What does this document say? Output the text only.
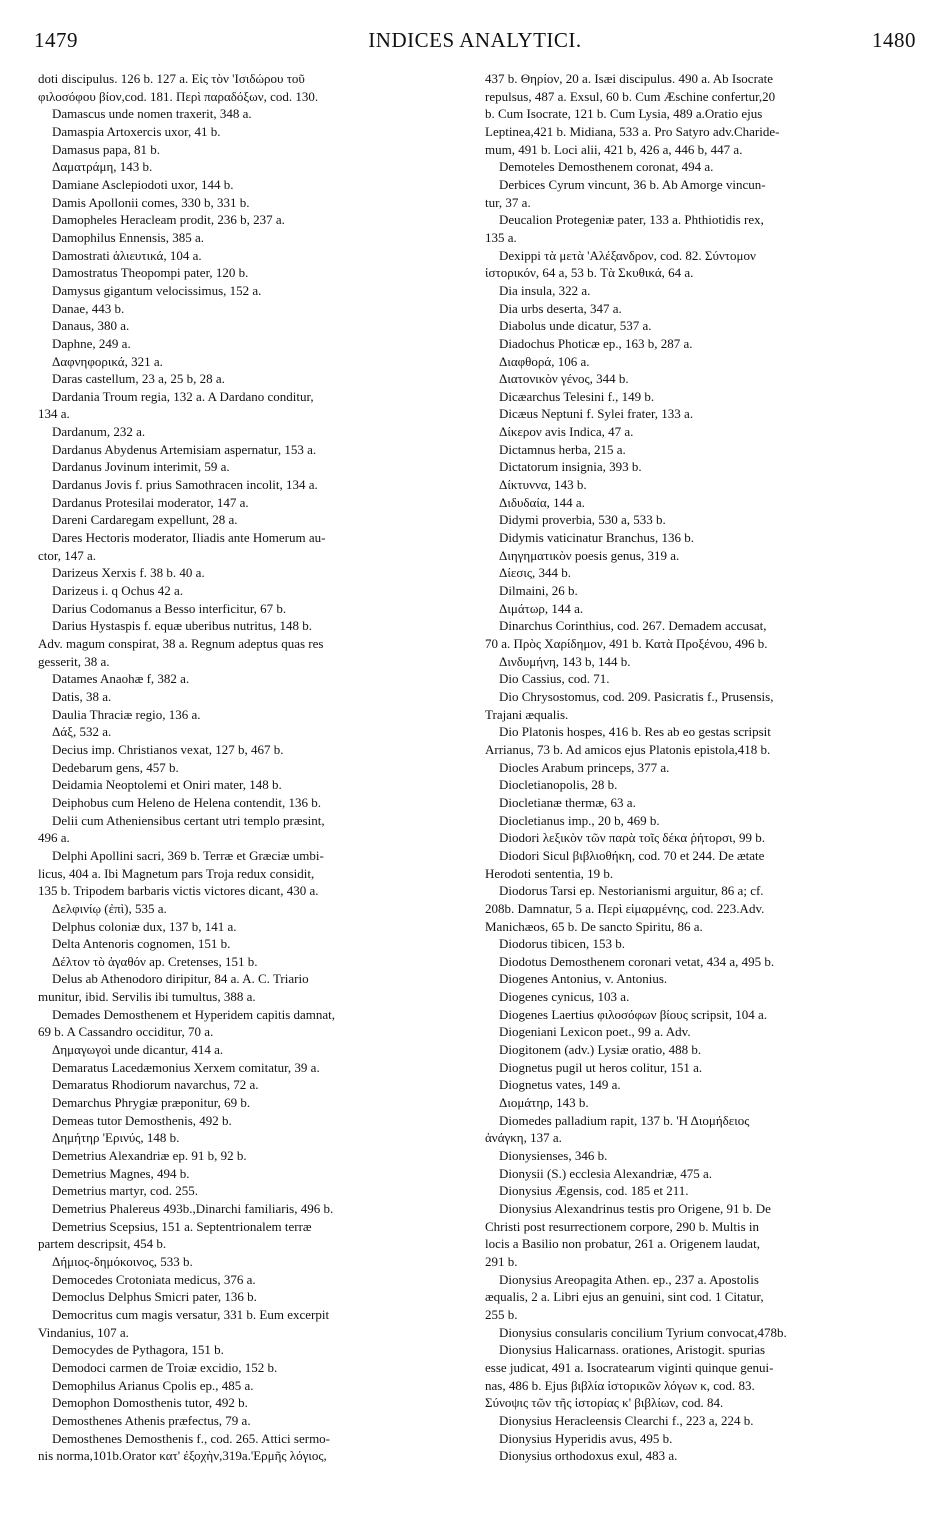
1479	INDICES ANALYTICI.	1480
doti discipulus. 126 b. 127 a. Εἰς τὸν 'Ισιδώρου τοῦ
φιλοσόφου βίον,cod. 181. Περὶ παραδόξων, cod. 130.
Damascus unde nomen traxerit, 348 a.
Damaspia Artoxercis uxor, 41 b.
Damasus papa, 81 b.
Δαματράμη, 143 b.
Damiane Asclepiodoti uxor, 144 b.
Damis Apollonii comes, 330 b, 331 b.
Damopheles Heracleam prodit, 236 b, 237 a.
Damophilus Ennensis, 385 a.
Damostrati ἁλιευτικά, 104 a.
Damostratus Theopompi pater, 120 b.
Damysus gigantum velocissimus, 152 a.
Danae, 443 b.
Danaus, 380 a.
Daphne, 249 a.
Δαφνηφορικά, 321 a.
Daras castellum, 23 a, 25 b, 28 a.
Dardania Troum regia, 132 a. A Dardano conditur,
134 a.
Dardanum, 232 a.
Dardanus Abydenus Artemisiam aspernatur, 153 a.
Dardanus Jovinum interimit, 59 a.
Dardanus Jovis f. prius Samothracen incolit, 134 a.
Dardanus Protesilai moderator, 147 a.
Dareni Cardaregam expellunt, 28 a.
Dares Hectoris moderator, Iliadis ante Homerum au-
ctor, 147 a.
Darizeus Xerxis f. 38 b. 40 a.
Darizeus i. q Ochus 42 a.
Darius Codomanus a Besso interficitur, 67 b.
Darius Hystaspis f. equæ uberibus nutritus, 148 b.
Adv. magum conspirat, 38 a. Regnum adeptus quas res
gesserit, 38 a.
Datames Anaohæ f, 382 a.
Datis, 38 a.
Daulia Thraciæ regio, 136 a.
Δάξ, 532 a.
Decius imp. Christianos vexat, 127 b, 467 b.
Dedebarum gens, 457 b.
Deidamia Neoptolemi et Oniri mater, 148 b.
Deiphobus cum Heleno de Helena contendit, 136 b.
Delii cum Atheniensibus certant utri templo præsint,
496 a.
Delphi Apollini sacri, 369 b. Terræ et Græciæ umbi-
licus, 404 a. Ibi Magnetum pars Troja redux considit,
135 b. Tripodem barbaris victis victores dicant, 430 a.
Δελφινίῳ (ἐπὶ), 535 a.
Delphus coloniæ dux, 137 b, 141 a.
Delta Antenoris cognomen, 151 b.
Δέλτον τὸ ἀγαθόν ap. Cretenses, 151 b.
Delus ab Athenodoro diripitur, 84 a. A. C. Triario
munitur, ibid. Servilis ibi tumultus, 388 a.
Demades Demosthenem et Hyperidem capitis damnat,
69 b. A Cassandro occiditur, 70 a.
Δημαγωγοὶ unde dicantur, 414 a.
Demaratus Lacedæmonius Xerxem comitatur, 39 a.
Demaratus Rhodiorum navarchus, 72 a.
Demarchus Phrygiæ præponitur, 69 b.
Demeas tutor Demosthenis, 492 b.
Δημήτηρ 'Ερινύς, 148 b.
Demetrius Alexandriæ ep. 91 b, 92 b.
Demetrius Magnes, 494 b.
Demetrius martyr, cod. 255.
Demetrius Phalereus 493b.,Dinarchi familiaris, 496 b.
Demetrius Scepsius, 151 a. Septentrionalem terræ
partem descripsit, 454 b.
Δήμιος-δημόκοινος, 533 b.
Democedes Crotoniata medicus, 376 a.
Democlus Delphus Smicri pater, 136 b.
Democritus cum magis versatur, 331 b. Eum excerpit
Vindanius, 107 a.
Democydes de Pythagora, 151 b.
Demodoci carmen de Troiæ excidio, 152 b.
Demophilus Arianus Cpolis ep., 485 a.
Demophon Domosthenis tutor, 492 b.
Demosthenes Athenis præfectus, 79 a.
Demosthenes Demosthenis f., cod. 265. Attici sermo-
nis norma,101b.Orator κατ' ἐξοχὴν,319a.'Ερμῆς λόγιος,
437 b. Θηρίον, 20 a. Isæi discipulus. 490 a. Ab Isocrate
repulsus, 487 a. Exsul, 60 b. Cum Æschine confertur,20
b. Cum Isocrate, 121 b. Cum Lysia, 489 a.Oratio ejus
Leptinea,421 b. Midiana, 533 a. Pro Satyro adv.Charide-
mum, 491 b. Loci alii, 421 b, 426 a, 446 b, 447 a.
Demoteles Demosthenem coronat, 494 a.
Derbices Cyrum vincunt, 36 b. Ab Amorge vincun-
tur, 37 a.
Deucalion Protegeniæ pater, 133 a. Phthiotidis rex,
135 a.
Dexippi τὰ μετὰ 'Αλέξανδρον, cod. 82. Σύντομον
ἱστορικόν, 64 a, 53 b. Τὰ Σκυθικά, 64 a.
Dia insula, 322 a.
Dia urbs deserta, 347 a.
Diabolus unde dicatur, 537 a.
Diadochus Photicæ ep., 163 b, 287 a.
Διαφθορά, 106 a.
Διατονικὸν γένος, 344 b.
Dicæarchus Telesini f., 149 b.
Dicæus Neptuni f. Sylei frater, 133 a.
Δίκερον avis Indica, 47 a.
Dictamnus herba, 215 a.
Dictatorum insignia, 393 b.
Δίκτυννα, 143 b.
Διδυδαία, 144 a.
Didymi proverbia, 530 a, 533 b.
Didymis vaticinatur Branchus, 136 b.
Διηγηματικὸν poesis genus, 319 a.
Δίεσις, 344 b.
Dilmaini, 26 b.
Διμάτωρ, 144 a.
Dinarchus Corinthius, cod. 267. Demadem accusat,
70 a. Πρὸς Χαρίδημον, 491 b. Κατὰ Προξένου, 496 b.
Δινδυμήνη, 143 b, 144 b.
Dio Cassius, cod. 71.
Dio Chrysostomus, cod. 209. Pasicratis f., Prusensis,
Trajani æqualis.
Dio Platonis hospes, 416 b. Res ab eo gestas scripsit
Arrianus, 73 b. Ad amicos ejus Platonis epistola,418 b.
Diocles Arabum princeps, 377 a.
Diocletianopolis, 28 b.
Diocletianæ thermæ, 63 a.
Diocletianus imp., 20 b, 469 b.
Diodori λεξικὸν τῶν παρὰ τοῖς δέκα ῥήτορσι, 99 b.
Diodori Sicul βιβλιοθήκη, cod. 70 et 244. De ætate
Herodoti sententia, 19 b.
Diodorus Tarsi ep. Nestorianismi arguitur, 86 a; cf.
208b. Damnatur, 5 a. Περὶ εἱμαρμένης, cod. 223.Adv.
Manichæos, 65 b. De sancto Spiritu, 86 a.
Diodorus tibicen, 153 b.
Diodotus Demosthenem coronari vetat, 434 a, 495 b.
Diogenes Antonius, v. Antonius.
Diogenes cynicus, 103 a.
Diogenes Laertius φιλοσόφων βίους scripsit, 104 a.
Diogeniani Lexicon poet., 99 a. Adv.
Diogitonem (adv.) Lysiæ oratio, 488 b.
Diognetus pugil ut heros colitur, 151 a.
Diognetus vates, 149 a.
Διομάτηρ, 143 b.
Diomedes palladium rapit, 137 b. 'Η Διομήδειος
ἀνάγκη, 137 a.
Dionysienses, 346 b.
Dionysii (S.) ecclesia Alexandriæ, 475 a.
Dionysius Ægensis, cod. 185 et 211.
Dionysius Alexandrinus testis pro Origene, 91 b. De
Christi post resurrectionem corpore, 290 b. Multis in
locis a Basilio non probatur, 261 a. Origenem laudat,
291 b.
Dionysius Areopagita Athen. ep., 237 a. Apostolis
æqualis, 2 a. Libri ejus an genuini, sint cod. 1 Citatur,
255 b.
Dionysius consularis concilium Tyrium convocat,478b.
Dionysius Halicarnass. orationes, Aristogit. spurias
esse judicat, 491 a. Isocratearum viginti quinque genui-
nas, 486 b. Ejus βιβλία ἱστορικῶν λόγων κ, cod. 83.
Σύνοψις τῶν τῆς ἱστορίας κ' βιβλίων, cod. 84.
Dionysius Heracleensis Clearchi f., 223 a, 224 b.
Dionysius Hyperidis avus, 495 b.
Dionysius orthodoxus exul, 483 a.
